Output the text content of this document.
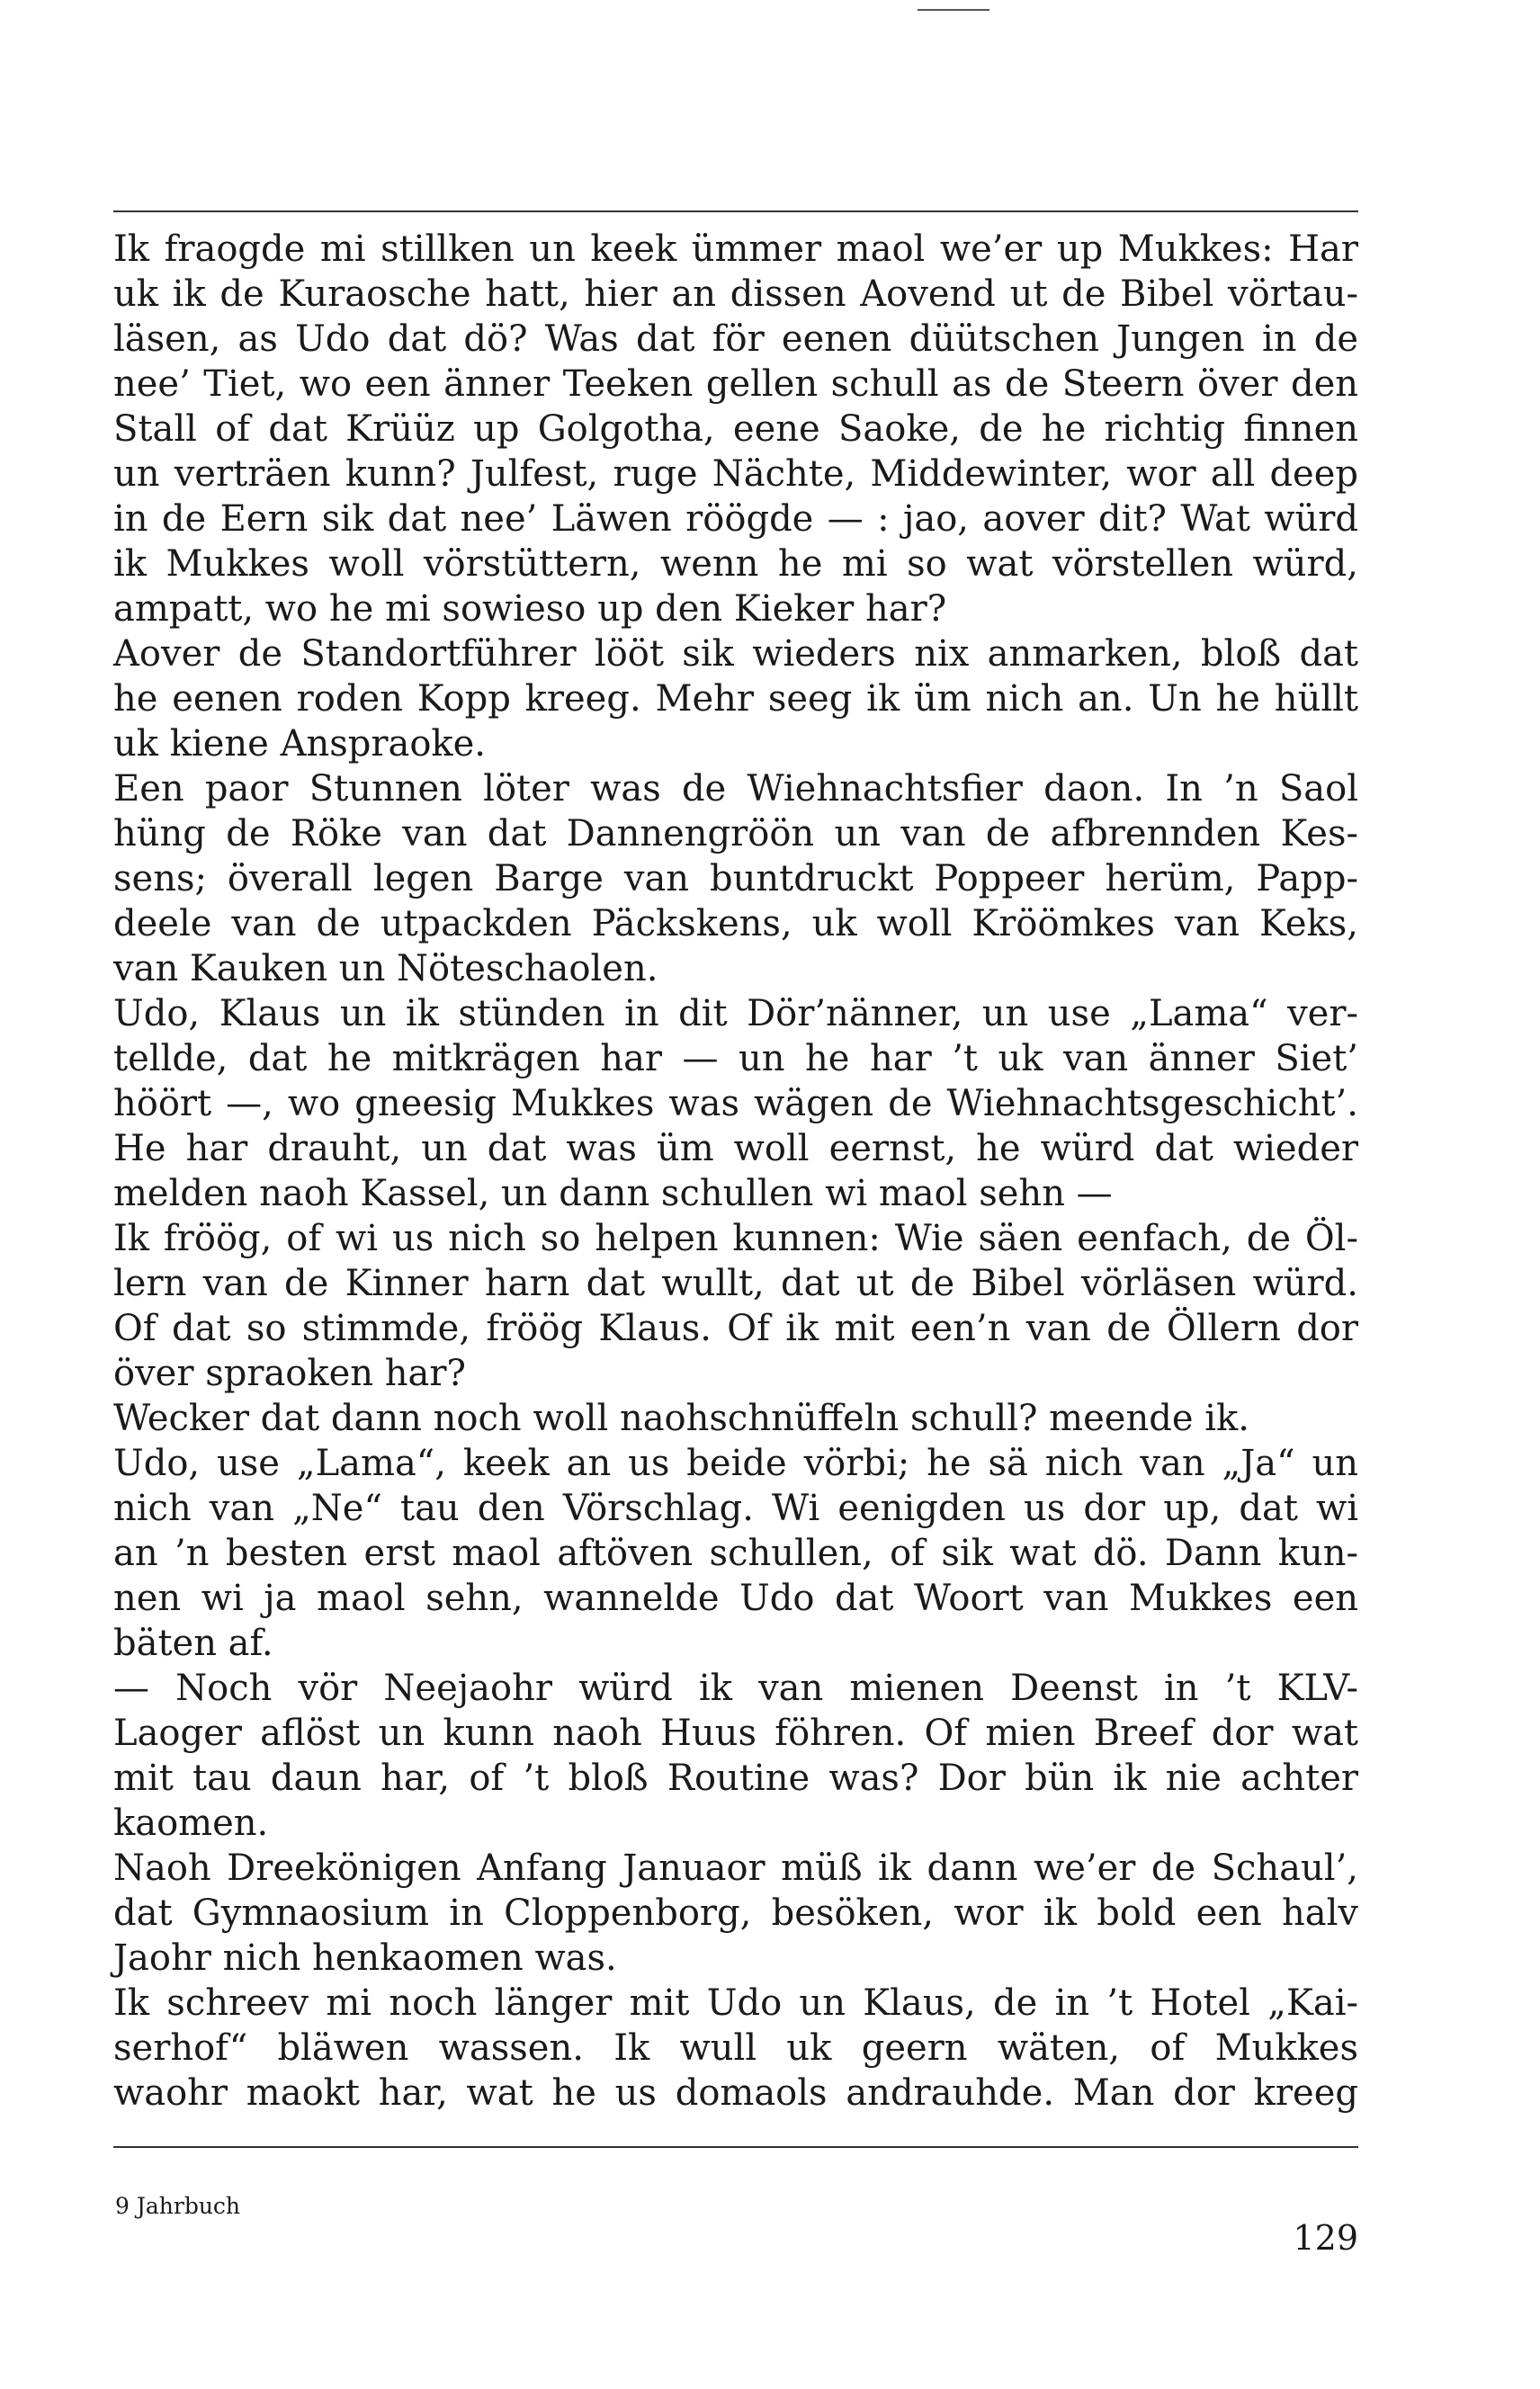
Ik fraogde mi stillken un keek ümmer maol we’er up Mukkes: Har
uk ik de Kuraosche hatt, hier an dissen Aovend ut de Bibel vörtau-
läsen, as Udo dat dö? Was dat för eenen düütschen Jungen in de
nee’ Tiet, wo een änner Teeken gellen schull as de Steern över den
Stall of dat Krüüz up Golgotha, eene Saoke, de he richtig finnen
un verträen kunn? Julfest, ruge Nächte, Middewinter, wor all deep
in de Eern sik dat nee’ Läwen röögde — : jao, aover dit? Wat würd
ik Mukkes woll vörstüttern, wenn he mi so wat vörstellen würd,
ampatt, wo he mi sowieso up den Kieker har?
Aover de Standortführer lööt sik wieders nix anmarken, bloß dat
he eenen roden Kopp kreeg. Mehr seeg ik üm nich an. Un he hüllt
uk kiene Anspraoke.
Een paor Stunnen löter was de Wiehnachtsfier daon. In ’n Saol
hüng de Röke van dat Dannengröön un van de afbrennden Kes-
sens; överall legen Barge van buntdruckt Poppeer herüm, Papp-
deele van de utpackden Päckskens, uk woll Kröömkes van Keks,
van Kauken un Nöteschaolen.
Udo, Klaus un ik stünden in dit Dör’nänner, un use „Lama“ ver-
tellde, dat he mitkrägen har — un he har ’t uk van änner Siet’
höört —, wo gneesig Mukkes was wägen de Wiehnachtsgeschicht’.
He har drauht, un dat was üm woll eernst, he würd dat wieder
melden naoh Kassel, un dann schullen wi maol sehn —
Ik fröög, of wi us nich so helpen kunnen: Wie säen eenfach, de Öl-
lern van de Kinner harn dat wullt, dat ut de Bibel vörläsen würd.
Of dat so stimmde, fröög Klaus. Of ik mit een’n van de Öllern dor
över spraoken har?
Wecker dat dann noch woll naohschnüffeln schull? meende ik.
Udo, use „Lama“, keek an us beide vörbi; he sä nich van „Ja“ un
nich van „Ne“ tau den Vörschlag. Wi eenigden us dor up, dat wi
an ’n besten erst maol aftöven schullen, of sik wat dö. Dann kun-
nen wi ja maol sehn, wannelde Udo dat Woort van Mukkes een
bäten af.
— Noch vör Neejaohr würd ik van mienen Deenst in ’t KLV-
Laoger aflöst un kunn naoh Huus föhren. Of mien Breef dor wat
mit tau daun har, of ’t bloß Routine was? Dor bün ik nie achter
kaomen.
Naoh Dreekönigen Anfang Januaor müß ik dann we’er de Schaul’,
dat Gymnaosium in Cloppenborg, besöken, wor ik bold een halv
Jaohr nich henkaomen was.
Ik schreev mi noch länger mit Udo un Klaus, de in ’t Hotel „Kai-
serhof“ bläwen wassen. Ik wull uk geern wäten, of Mukkes
waohr maokt har, wat he us domaols andrauhde. Man dor kreeg
9 Jahrbuch
129
